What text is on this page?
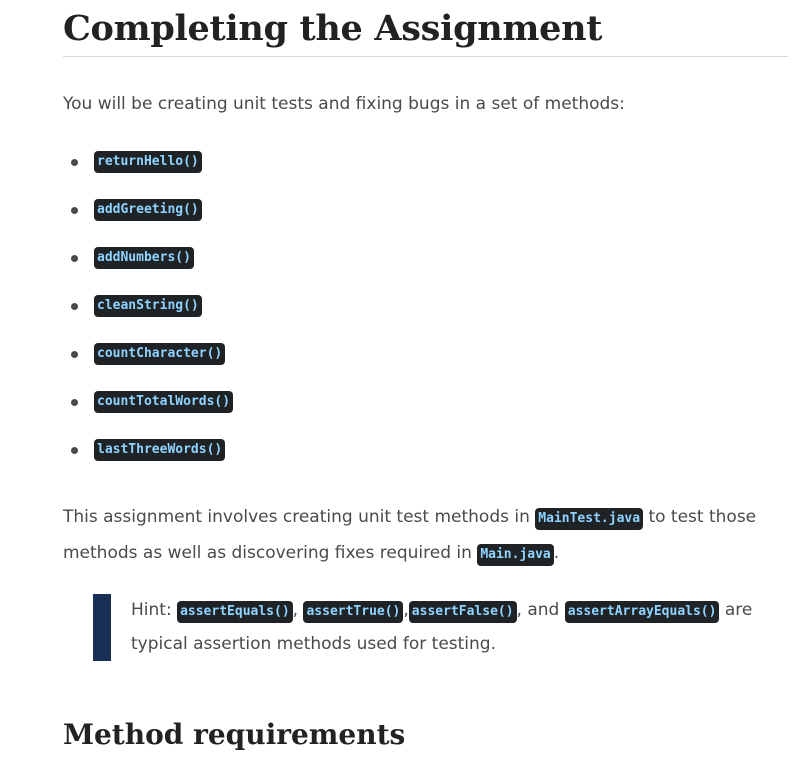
Completing the Assignment

You will be creating unit tests and fixing bugs in a set of methods:

returnHello()
addGreeting()
addNumbers()
cleanString()
countCharacter()
countTotalWords()
lastThreeWords()

This assignment involves creating unit test methods in MainTest.java to test those methods as well as discovering fixes required in Main.java .

Hint: assertEquals() , assertTrue() , assertFalse() , and assertArrayEquals() are typical assertion methods used for testing.

Method requirements
